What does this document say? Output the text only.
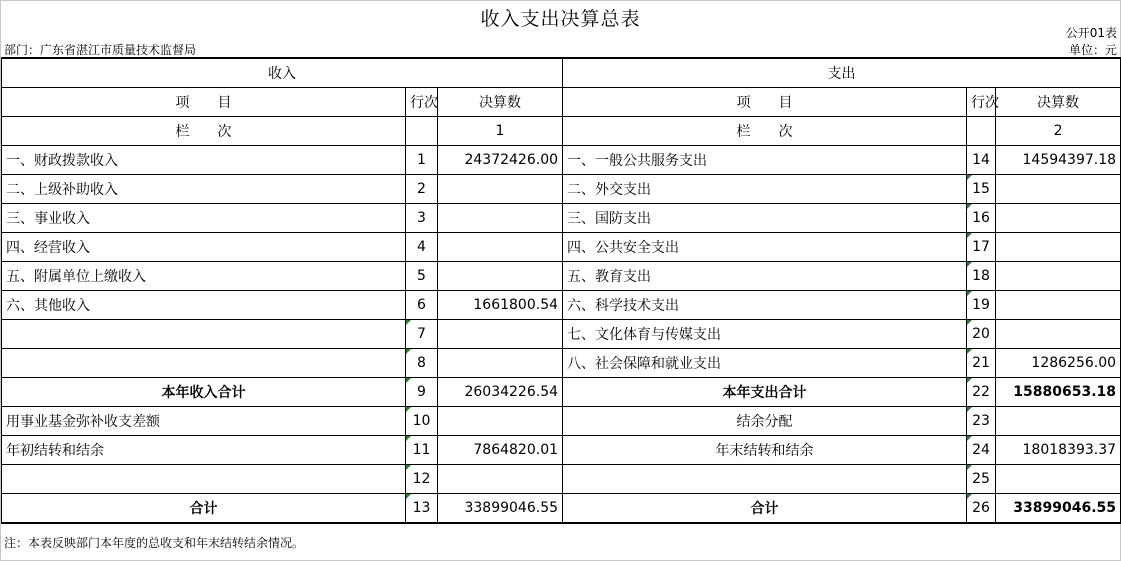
收入支出决算总表
公开01表
部门：广东省湛江市质量技术监督局	单位：元
收入			支出		
项　　目	行次	决算数	项　　目	行次	决算数
栏　　次		1	栏　　次		2
一、财政拨款收入	1	24372426.00	一、一般公共服务支出	14	14594397.18
二、上级补助收入	2		二、外交支出	15	
三、事业收入	3		三、国防支出	16	
四、经营收入	4		四、公共安全支出	17	
五、附属单位上缴收入	5		五、教育支出	18	
六、其他收入	6	1661800.54	六、科学技术支出	19	
	7		七、文化体育与传媒支出	20	
	8		八、社会保障和就业支出	21	1286256.00
本年收入合计	9	26034226.54	本年支出合计	22	15880653.18
用事业基金弥补收支差额	10		结余分配	23	
年初结转和结余	11	7864820.01	年末结转和结余	24	18018393.37
	12			25	
合计	13	33899046.55	合计	26	33899046.55
注：本表反映部门本年度的总收支和年末结转结余情况。
